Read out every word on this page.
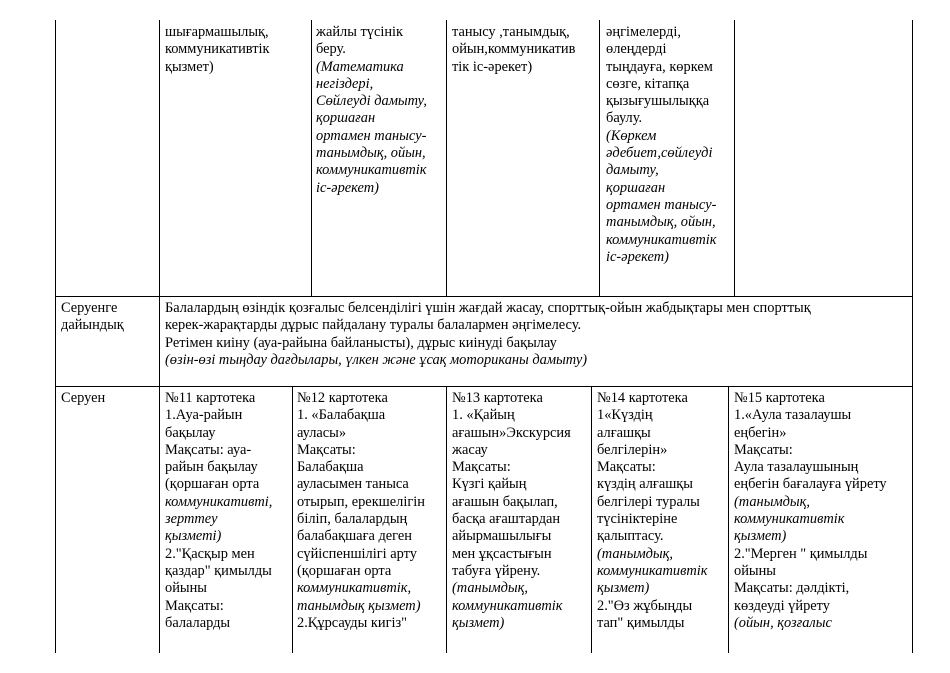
шығармашылық,

коммуникативтік

қызмет)

жайлы түсінік

беру.

(Математика

негіздері,

Сөйлеуді дамыту,

қоршаған

ортамен танысу-

танымдық, ойын,

коммуникативтік

іс-әрекет)

танысу ,танымдық,

ойын,коммуникатив

тік іс-әрекет)

әңгімелерді,

өлеңдерді

тыңдауға, көркем

сөзге, кітапқа

қызығушылыққа

баулу.

(Көркем

әдебиет,сөйлеуді

дамыту,

қоршаған

ортамен танысу-

танымдық, ойын,

коммуникативтік

іс-әрекет)

Серуенге

дайындық

Балалардың өзіндік қозғалыс белсенділігі үшін жағдай жасау, спорттық-ойын жабдықтары мен спорттық

керек-жарақтарды дұрыс пайдалану туралы балалармен әңгімелесу.

Ретімен киіну (ауа-райына байланысты), дұрыс киінуді бақылау

(өзін-өзі тыңдау дағдылары, үлкен және ұсақ моториканы дамыту)

Серуен	№11 картотека

1.Ауа-райын

бақылау

Мақсаты: ауа-

райын бақылау

(қоршаған орта

коммуникативті,

зерттеу

қызметі)

2."Қасқыр мен

қаздар" қимылды

ойыны

Мақсаты:

балаларды

№12 картотека

1. «Балабақша

ауласы»

Мақсаты:

Балабақша

ауласымен таныса

отырып, ерекшелігін

біліп, балалардың

балабақшаға деген

сүйіспеншілігі арту

(қоршаған орта

коммуникативтік,

танымдық қызмет)

2.Құрсауды кигіз"

№13 картотека

1. «Қайың

ағашын»Экскурсия

жасау

Мақсаты:

Күзгі қайың

ағашын бақылап,

басқа ағаштардан

айырмашылығы

мен ұқсастығын

табуға үйрену.

(танымдық,

коммуникативтік

қызмет)

№14 картотека

1«Күздің

алғашқы

белгілерін»

Мақсаты:

күздің алғашқы

белгілері туралы

түсініктеріне

қалыптасу.

(танымдық,

коммуникативтік

қызмет)

2."Өз жұбыңды

тап" қимылды

№15 картотека

1.«Аула тазалаушы

еңбегін»

Мақсаты:

Аула тазалаушының

еңбегін бағалауға үйрету

(танымдық,

коммуникативтік

қызмет)

2."Мерген " қимылды

ойыны

Мақсаты: дәлдікті,

көздеуді үйрету

(ойын, қозғалыс
